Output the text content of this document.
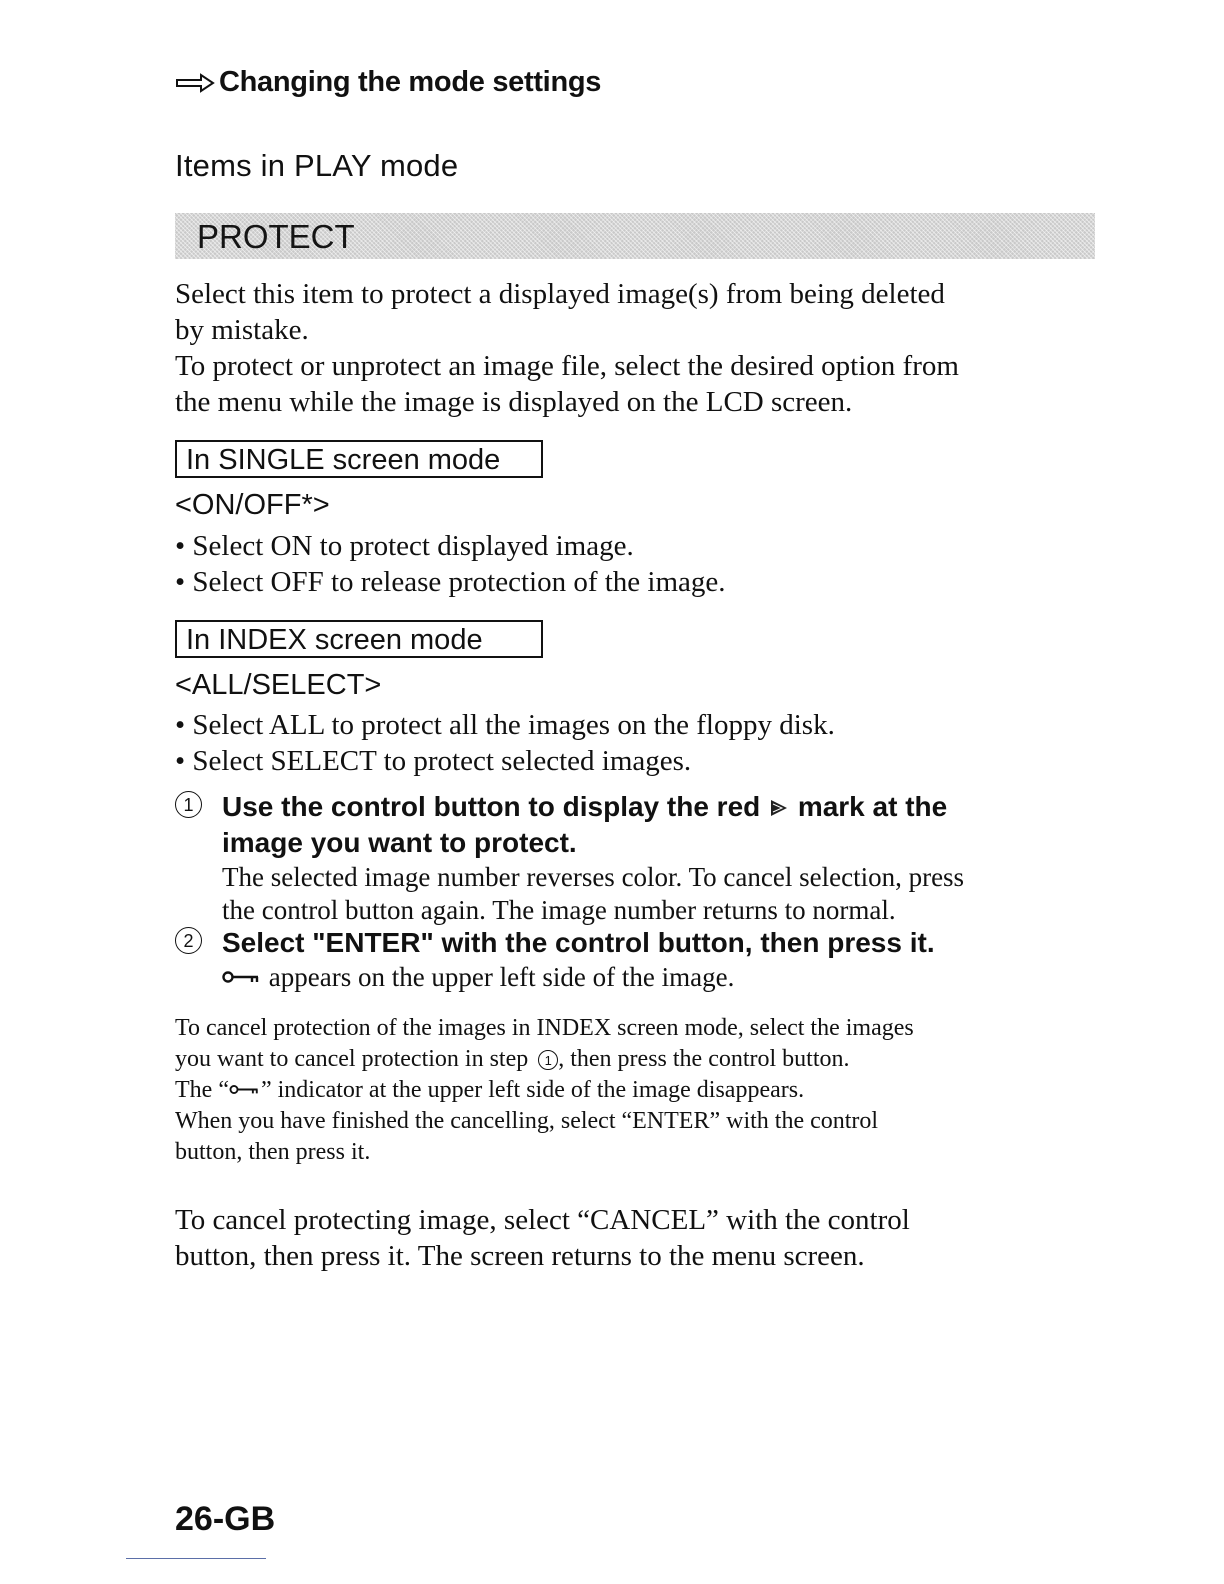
Changing the mode settings
Items in PLAY mode
PROTECT
Select this item to protect a displayed image(s) from being deleted
by mistake.
To protect or unprotect an image file, select the desired option from
the menu while the image is displayed on the LCD screen.
In SINGLE screen mode
<ON/OFF*>
• Select ON to protect displayed image.
• Select OFF to release protection of the image.
In INDEX screen mode
<ALL/SELECT>
• Select ALL to protect all the images on the floppy disk.
• Select SELECT to protect selected images.
1	Use the control button to display the red mark at the
image you want to protect.
The selected image number reverses color. To cancel selection, press
the control button again. The image number returns to normal.
2	Select "ENTER" with the control button, then press it.
appears on the upper left side of the image.
To cancel protection of the images in INDEX screen mode, select the images
you want to cancel protection in step 1 , then press the control button.
The “ ” indicator at the upper left side of the image disappears.
When you have finished the cancelling, select “ENTER” with the control
button, then press it.
To cancel protecting image, select “CANCEL” with the control
button, then press it. The screen returns to the menu screen.
26-GB
